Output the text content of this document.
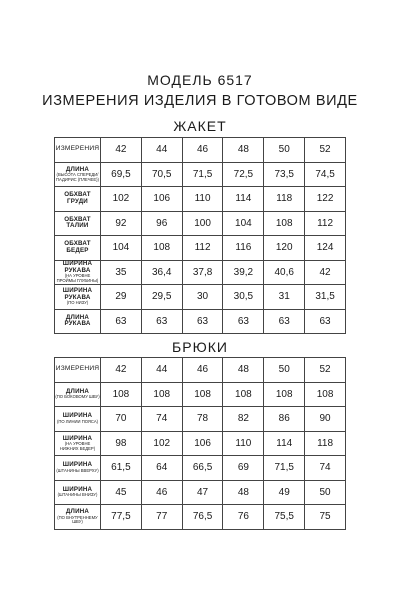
МОДЕЛЬ 6517
ИЗМЕРЕНИЯ ИЗДЕЛИЯ В ГОТОВОМ ВИДЕ
ЖАКЕТ
ИЗМЕРЕНИЯ	42	44	46	48	50	52

ДЛИНА
(ВЫСОТА СПЕРЕДИ/ПАДИРИС (ПЛЕЧЕЕ))	69,5	70,5	71,5	72,5	73,5	74,5

ОБХВАТ ГРУДИ	102	106	110	114	118	122

ОБХВАТ ТАЛИИ	92	96	100	104	108	112

ОБХВАТ БЕДЕР	104	108	112	116	120	124

ШИРИНА РУКАВА
(НА УРОВНЕ ПРОЙМЫ ГЛУБИНЫ)	35	36,4	37,8	39,2	40,6	42

ШИРИНА РУКАВА
(ПО НИЗУ)	29	29,5	30	30,5	31	31,5

ДЛИНА РУКАВА	63	63	63	63	63	63
БРЮКИ
ИЗМЕРЕНИЯ	42	44	46	48	50	52

ДЛИНА
(ПО БОКОВОМУ ШВУ)	108	108	108	108	108	108

ШИРИНА
(ПО ЛИНИИ ПОЯСА)	70	74	78	82	86	90

ШИРИНА
(НА УРОВНЕ НИЖНИХ БЕДЕР)	98	102	106	110	114	118

ШИРИНА
(ШТАНИНЫ ВВЕРХУ)	61,5	64	66,5	69	71,5	74

ШИРИНА
(ШТАНИНЫ ВНИЗУ)	45	46	47	48	49	50

ДЛИНА
(ПО ВНУТРЕННЕМУ ШВУ)	77,5	77	76,5	76	75,5	75
